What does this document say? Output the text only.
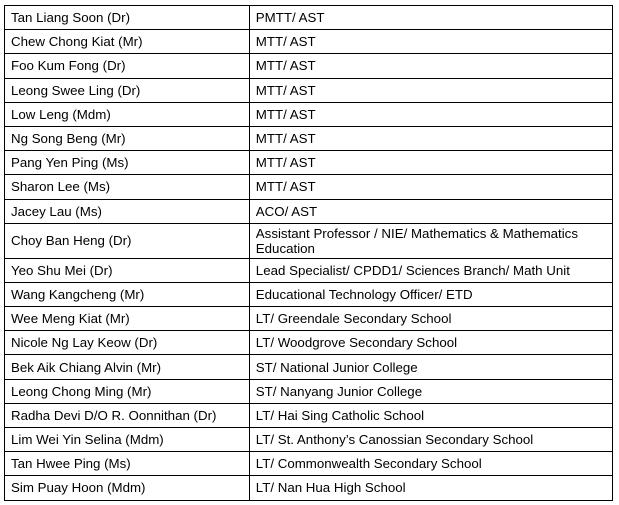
Tan Liang Soon (Dr)	PMTT/ AST
Chew Chong Kiat (Mr)	MTT/ AST
Foo Kum Fong (Dr)	MTT/ AST
Leong Swee Ling (Dr)	MTT/ AST
Low Leng (Mdm)	MTT/ AST
Ng Song Beng (Mr)	MTT/ AST
Pang Yen Ping (Ms)	MTT/ AST
Sharon Lee (Ms)	MTT/ AST
Jacey Lau (Ms)	ACO/ AST
Choy Ban Heng (Dr)	Assistant Professor / NIE/ Mathematics & Mathematics Education
Yeo Shu Mei (Dr)	Lead Specialist/ CPDD1/ Sciences Branch/ Math Unit
Wang Kangcheng (Mr)	Educational Technology Officer/ ETD
Wee Meng Kiat (Mr)	LT/ Greendale Secondary School
Nicole Ng Lay Keow (Dr)	LT/ Woodgrove Secondary School
Bek Aik Chiang Alvin (Mr)	ST/ National Junior College
Leong Chong Ming (Mr)	ST/ Nanyang Junior College
Radha Devi D/O R. Oonnithan (Dr)	LT/ Hai Sing Catholic School
Lim Wei Yin Selina (Mdm)	LT/ St. Anthony’s Canossian Secondary School
Tan Hwee Ping (Ms)	LT/ Commonwealth Secondary School
Sim Puay Hoon (Mdm)	LT/ Nan Hua High School
